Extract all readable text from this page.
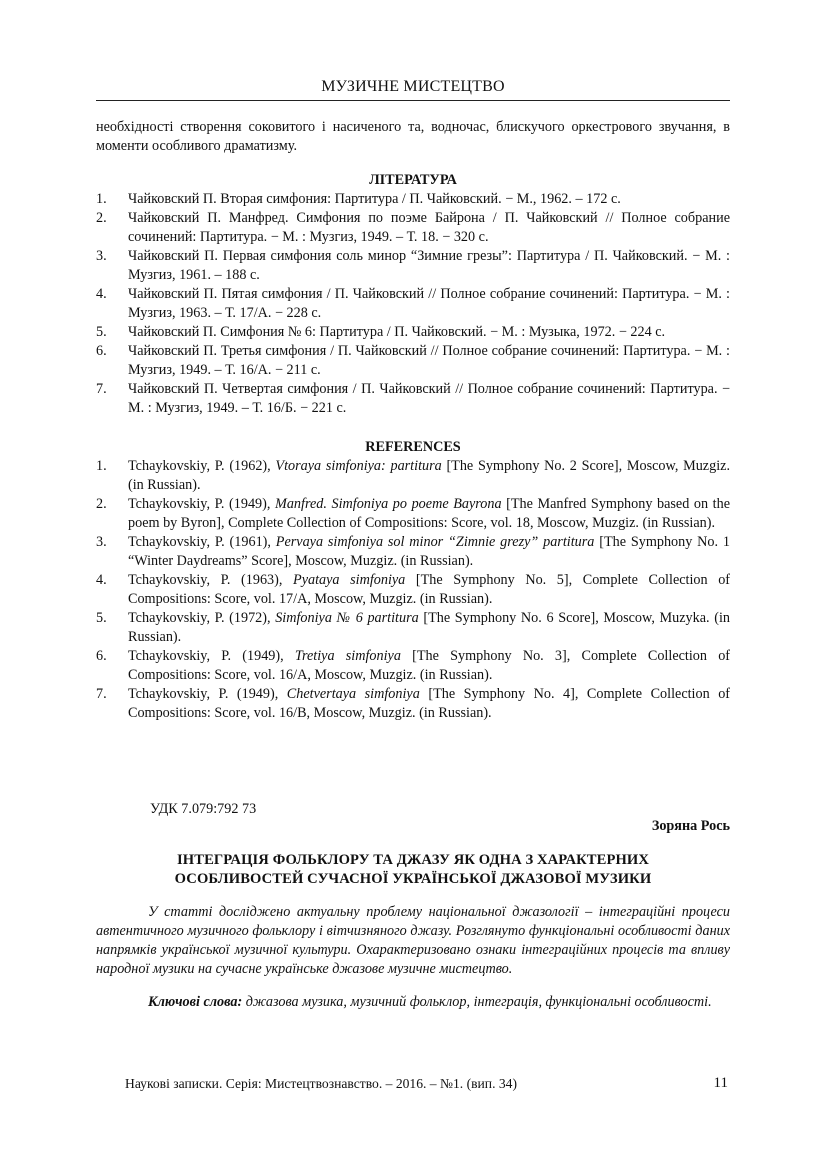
МУЗИЧНЕ МИСТЕЦТВО

необхідності створення соковитого і насиченого та, водночас, блискучого оркестрового звучання, в моменти особливого драматизму.

ЛІТЕРАТУРА
1. Чайковский П. Вторая симфония: Партитура / П. Чайковский. − М., 1962. – 172 с.
2. Чайковский П. Манфред. Симфония по поэме Байрона / П. Чайковский // Полное собрание сочинений: Партитура. − М. : Музгиз, 1949. – Т. 18. − 320 с.
3. Чайковский П. Первая симфония соль минор “Зимние грезы”: Партитура / П. Чайковский. − М. : Музгиз, 1961. – 188 с.
4. Чайковский П. Пятая симфония / П. Чайковский // Полное собрание сочинений: Партитура. − М. : Музгиз, 1963. – Т. 17/А. − 228 с.
5. Чайковский П. Симфония № 6: Партитура / П. Чайковский. − М. : Музыка, 1972. − 224 с.
6. Чайковский П. Третья симфония / П. Чайковский // Полное собрание сочинений: Партитура. − М. : Музгиз, 1949. – Т. 16/А. − 211 с.
7. Чайковский П. Четвертая симфония / П. Чайковский // Полное собрание сочинений: Партитура. − М. : Музгиз, 1949. – Т. 16/Б. − 221 с.
REFERENCES
1. Tchaykovskiy, P. (1962), Vtoraya simfoniya: partitura [The Symphony No. 2 Score], Moscow, Muzgiz. (in Russian).
2. Tchaykovskiy, P. (1949), Manfred. Simfoniya po poeme Bayrona [The Manfred Symphony based on the poem by Byron], Complete Collection of Compositions: Score, vol. 18, Moscow, Muzgiz. (in Russian).
3. Tchaykovskiy, P. (1961), Pervaya simfoniya sol minor “Zimnie grezy” partitura [The Symphony No. 1 “Winter Daydreams” Score], Moscow, Muzgiz. (in Russian).
4. Tchaykovskiy, P. (1963), Pyataya simfoniya [The Symphony No. 5], Complete Collection of Compositions: Score, vol. 17/A, Moscow, Muzgiz. (in Russian).
5. Tchaykovskiy, P. (1972), Simfoniya № 6 partitura [The Symphony No. 6 Score], Moscow, Muzyka. (in Russian).
6. Tchaykovskiy, P. (1949), Tretiya simfoniya [The Symphony No. 3], Complete Collection of Compositions: Score, vol. 16/A, Moscow, Muzgiz. (in Russian).
7. Tchaykovskiy, P. (1949), Chetvertaya simfoniya [The Symphony No. 4], Complete Collection of Compositions: Score, vol. 16/B, Moscow, Muzgiz. (in Russian).
УДК 7.079:792 73
Зоряна Рось
ІНТЕГРАЦІЯ ФОЛЬКЛОРУ ТА ДЖАЗУ ЯК ОДНА З ХАРАКТЕРНИХ
ОСОБЛИВОСТЕЙ СУЧАСНОЇ УКРАЇНСЬКОЇ ДЖАЗОВОЇ МУЗИКИ

У статті досліджено актуальну проблему національної джазології – інтеграційні процеси автентичного музичного фольклору і вітчизняного джазу. Розглянуто функціональні особливості даних напрямків української музичної культури. Охарактеризовано ознаки інтеграційних процесів та впливу народної музики на сучасне українське джазове музичне мистецтво.

Ключові слова: джазова музика, музичний фольклор, інтеграція, функціональні особливості.

Наукові записки. Серія: Мистецтвознавство. – 2016. – №1. (вип. 34)	11
